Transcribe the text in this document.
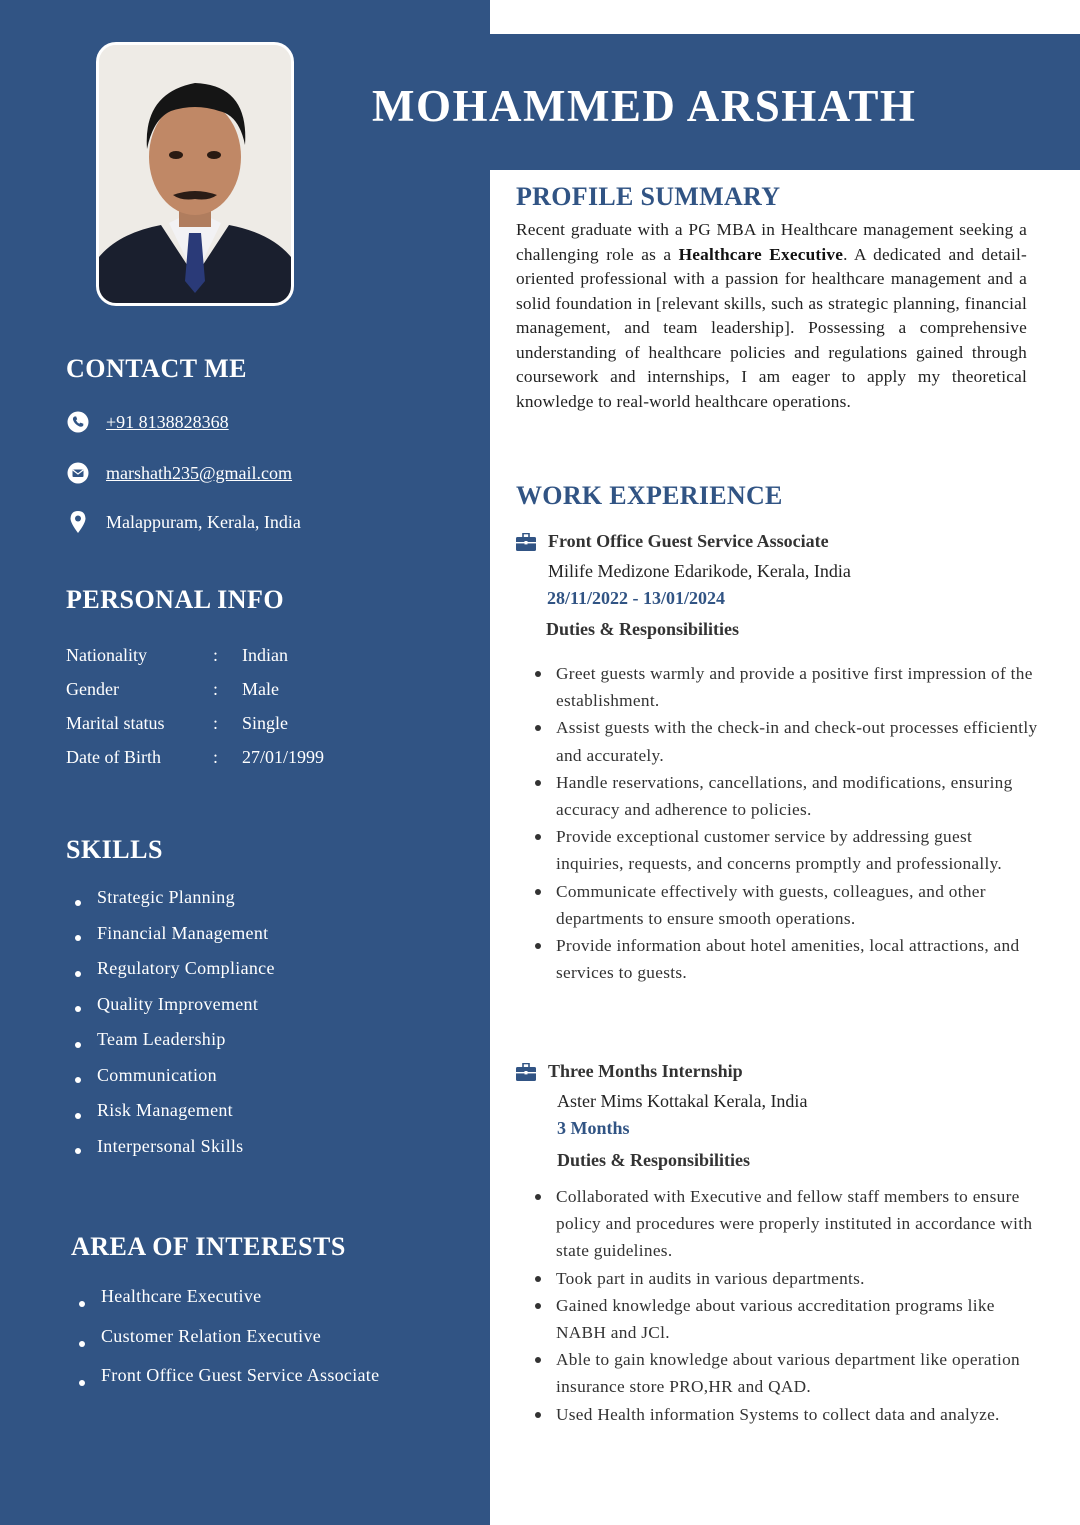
MOHAMMED ARSHATH
CONTACT ME
+91 8138828368
marshath235@gmail.com
Malappuram, Kerala, India
PERSONAL INFO
Nationality	: Indian
Gender	: Male
Marital status	: Single
Date of Birth	: 27/01/1999
SKILLS
Strategic Planning
Financial Management
Regulatory Compliance
Quality Improvement
Team Leadership
Communication
Risk Management
Interpersonal Skills
AREA OF INTERESTS
Healthcare Executive
Customer Relation Executive
Front Office Guest Service Associate
PROFILE SUMMARY

Recent graduate with a PG MBA in Healthcare management seeking a challenging role as a Healthcare Executive. A dedicated and detail-oriented professional with a passion for healthcare management and a solid foundation in [relevant skills, such as strategic planning, financial management, and team leadership]. Possessing a comprehensive understanding of healthcare policies and regulations gained through coursework and internships, I am eager to apply my theoretical knowledge to real-world healthcare operations.

WORK EXPERIENCE
Front Office Guest Service Associate
Milife Medizone Edarikode, Kerala, India
28/11/2022 - 13/01/2024
Duties & Responsibilities
Greet guests warmly and provide a positive first impression of the establishment.
Assist guests with the check-in and check-out processes efficiently and accurately.
Handle reservations, cancellations, and modifications, ensuring accuracy and adherence to policies.
Provide exceptional customer service by addressing guest inquiries, requests, and concerns promptly and professionally.
Communicate effectively with guests, colleagues, and other departments to ensure smooth operations.
Provide information about hotel amenities, local attractions, and services to guests.
Three Months Internship
Aster Mims Kottakal Kerala, India
3 Months
Duties & Responsibilities
Collaborated with Executive and fellow staff members to ensure policy and procedures were properly instituted in accordance with state guidelines.
Took part in audits in various departments.
Gained knowledge about various accreditation programs like NABH and JCl.
Able to gain knowledge about various department like operation insurance store PRO,HR and QAD.
Used Health information Systems to collect data and analyze.
